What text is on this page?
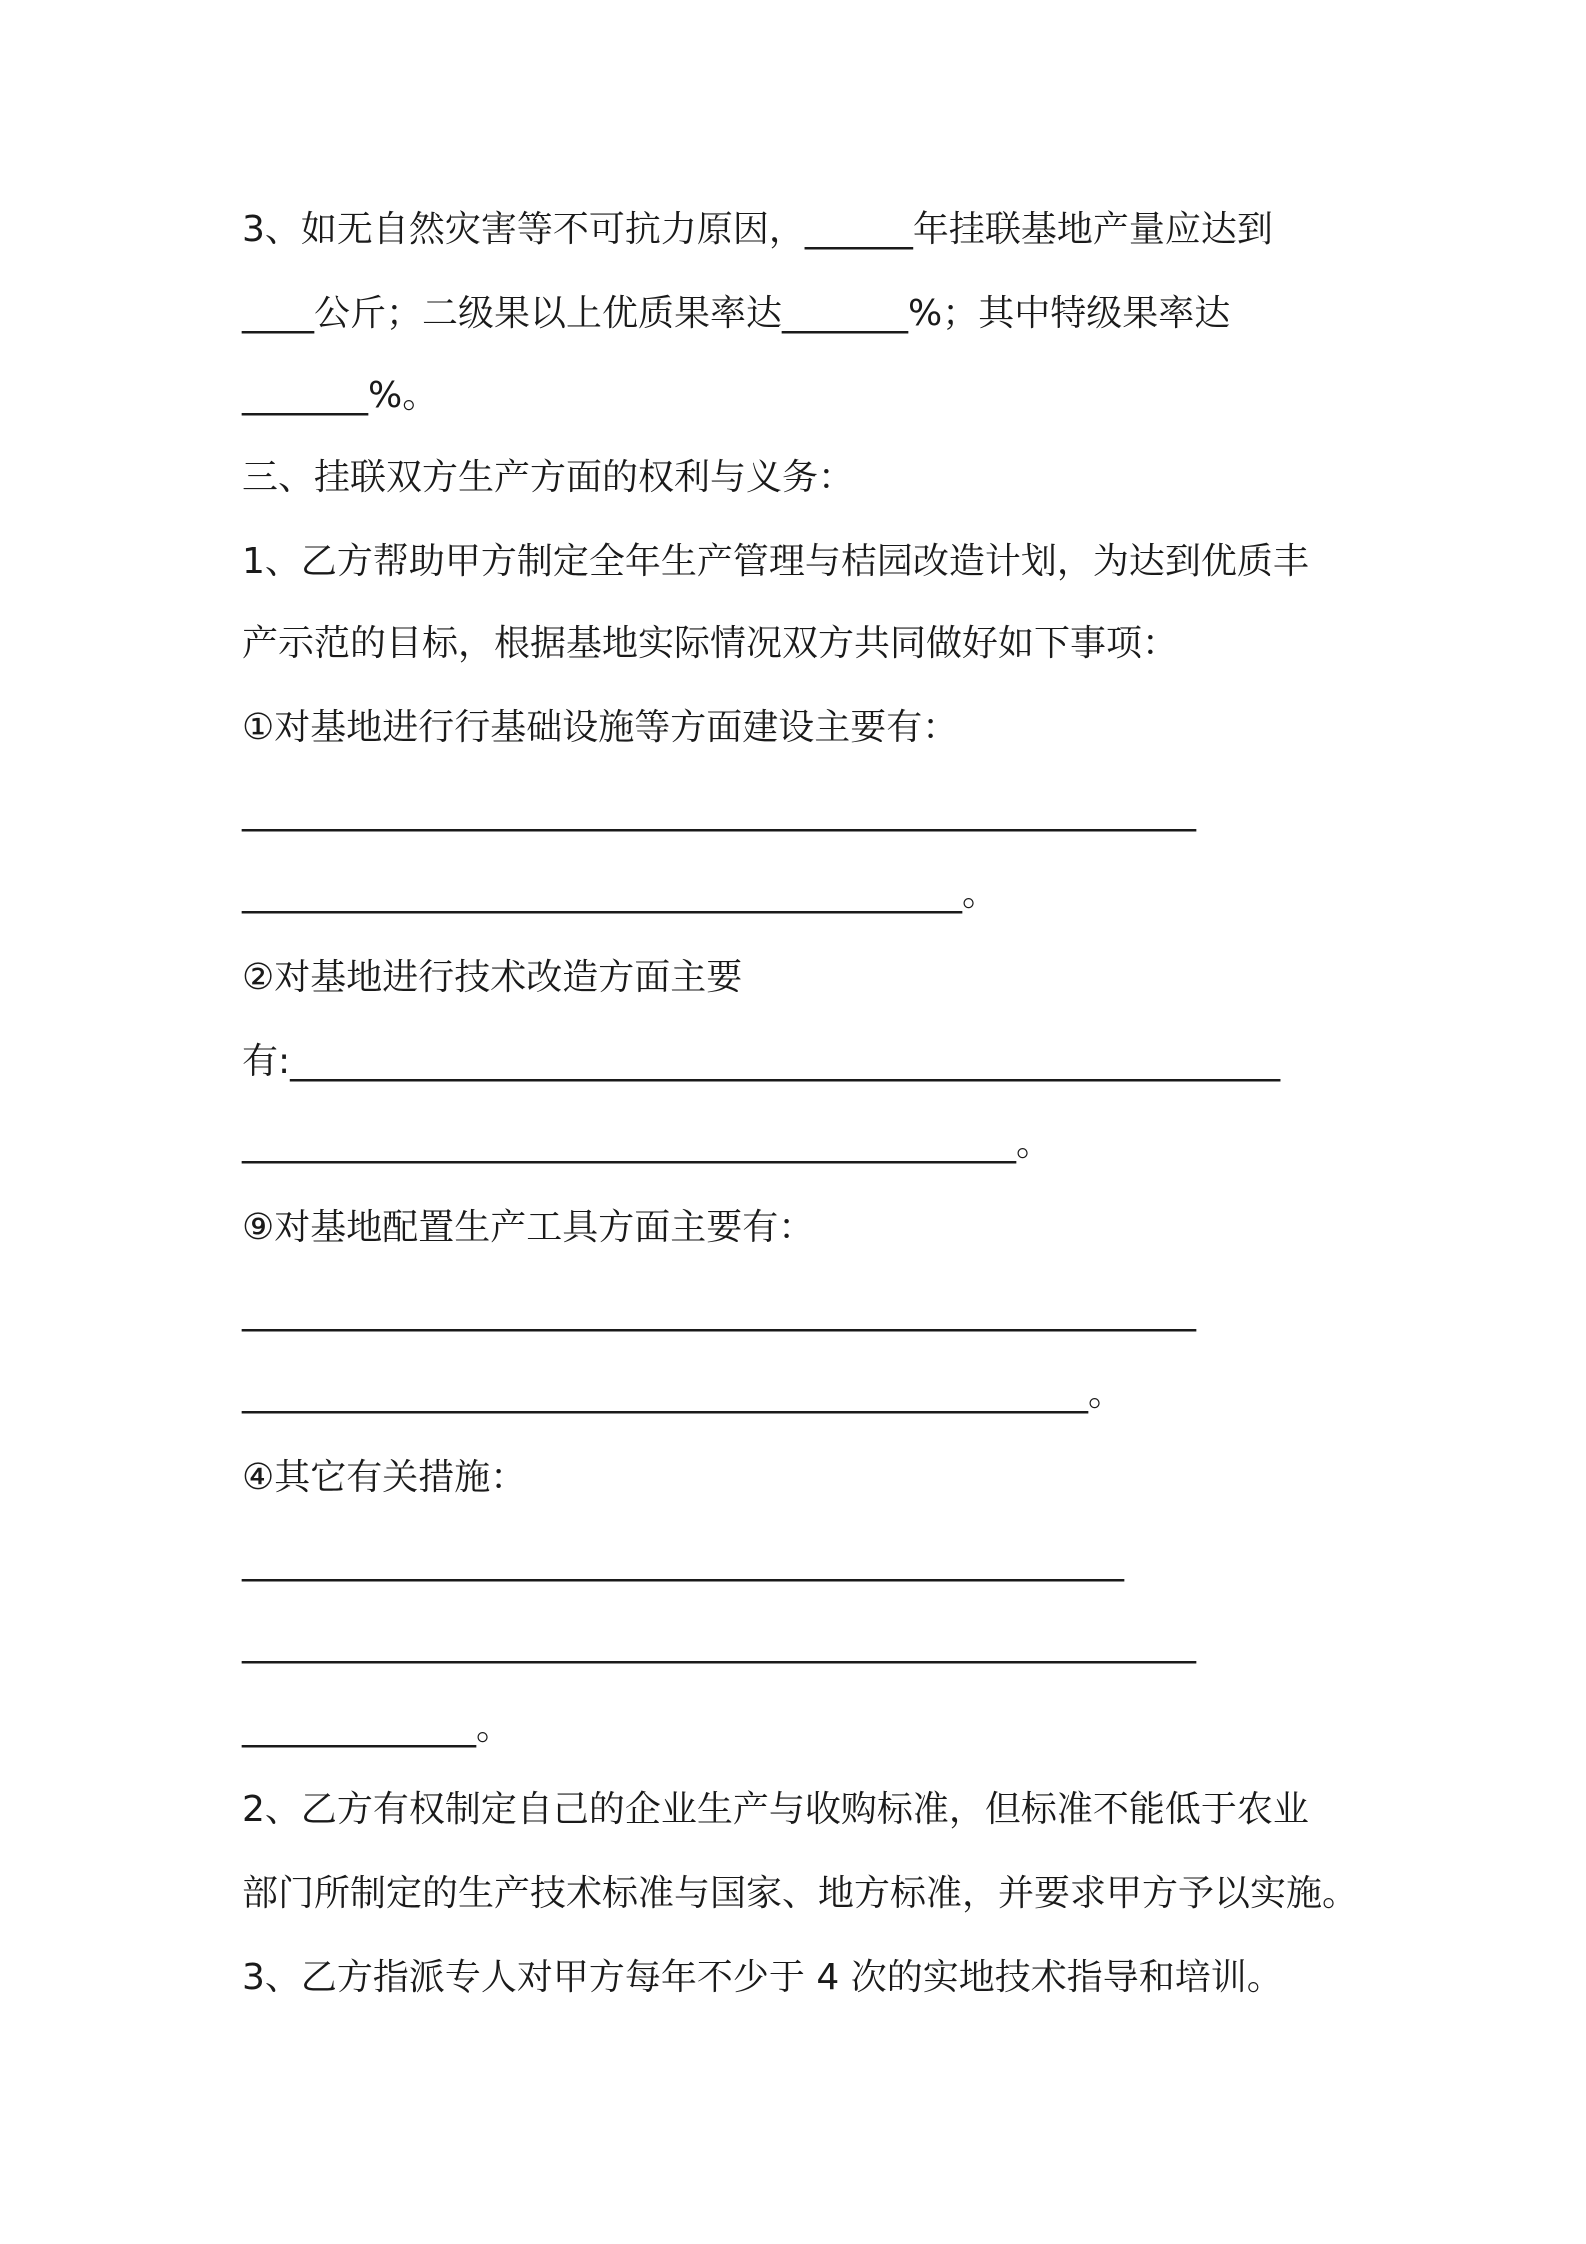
3、如无自然灾害等不可抗力原因，______年挂联基地产量应达到
____公斤；二级果以上优质果率达_______%；其中特级果率达
_______%。
三、挂联双方生产方面的权利与义务：
1、乙方帮助甲方制定全年生产管理与桔园改造计划，为达到优质丰
产示范的目标，根据基地实际情况双方共同做好如下事项：
①对基地进行行基础设施等方面建设主要有：
_____________________________________________________
________________________________________。
②对基地进行技术改造方面主要
有:_______________________________________________________
___________________________________________。
⑨对基地配置生产工具方面主要有：
_____________________________________________________
_______________________________________________。
④其它有关措施：
_________________________________________________
_____________________________________________________
_____________。
2、乙方有权制定自己的企业生产与收购标准，但标准不能低于农业
部门所制定的生产技术标准与国家、地方标准，并要求甲方予以实施。
3、乙方指派专人对甲方每年不少于 4 次的实地技术指导和培训。
